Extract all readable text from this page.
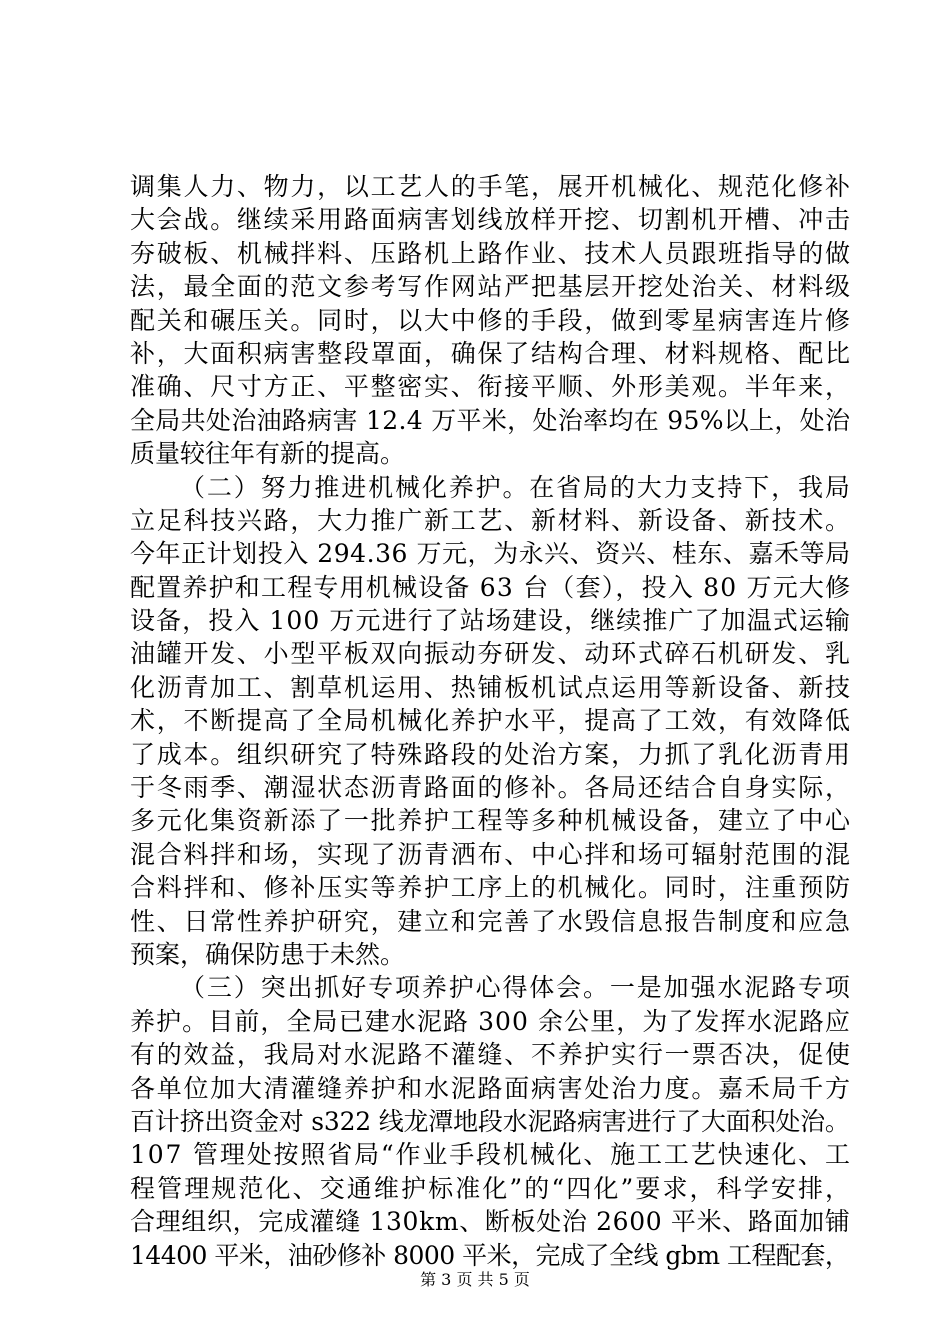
调集人力、物力，以工艺人的手笔，展开机械化、规范化修补
大会战。继续采用路面病害划线放样开挖、切割机开槽、冲击
夯破板、机械拌料、压路机上路作业、技术人员跟班指导的做
法，最全面的范文参考写作网站严把基层开挖处治关、材料级
配关和碾压关。同时，以大中修的手段，做到零星病害连片修
补，大面积病害整段罩面，确保了结构合理、材料规格、配比
准确、尺寸方正、平整密实、衔接平顺、外形美观。半年来，
全局共处治油路病害 12.4 万平米，处治率均在 95%以上，处治
质量较往年有新的提高。
（二）努力推进机械化养护。在省局的大力支持下，我局
立足科技兴路，大力推广新工艺、新材料、新设备、新技术。
今年正计划投入 294.36 万元，为永兴、资兴、桂东、嘉禾等局
配置养护和工程专用机械设备 63 台（套），投入 80 万元大修
设备，投入 100 万元进行了站场建设，继续推广了加温式运输
油罐开发、小型平板双向振动夯研发、动环式碎石机研发、乳
化沥青加工、割草机运用、热铺板机试点运用等新设备、新技
术，不断提高了全局机械化养护水平，提高了工效，有效降低
了成本。组织研究了特殊路段的处治方案，力抓了乳化沥青用
于冬雨季、潮湿状态沥青路面的修补。各局还结合自身实际，
多元化集资新添了一批养护工程等多种机械设备，建立了中心
混合料拌和场，实现了沥青洒布、中心拌和场可辐射范围的混
合料拌和、修补压实等养护工序上的机械化。同时，注重预防
性、日常性养护研究，建立和完善了水毁信息报告制度和应急
预案，确保防患于未然。
（三）突出抓好专项养护心得体会。一是加强水泥路专项
养护。目前，全局已建水泥路 300 余公里，为了发挥水泥路应
有的效益，我局对水泥路不灌缝、不养护实行一票否决，促使
各单位加大清灌缝养护和水泥路面病害处治力度。嘉禾局千方
百计挤出资金对 s322 线龙潭地段水泥路病害进行了大面积处治。
107 管理处按照省局“作业手段机械化、施工工艺快速化、工
程管理规范化、交通维护标准化”的“四化”要求，科学安排，
合理组织，完成灌缝 130km、断板处治 2600 平米、路面加铺
14400 平米，油砂修补 8000 平米，完成了全线 gbm 工程配套，
第 3 页 共 5 页
